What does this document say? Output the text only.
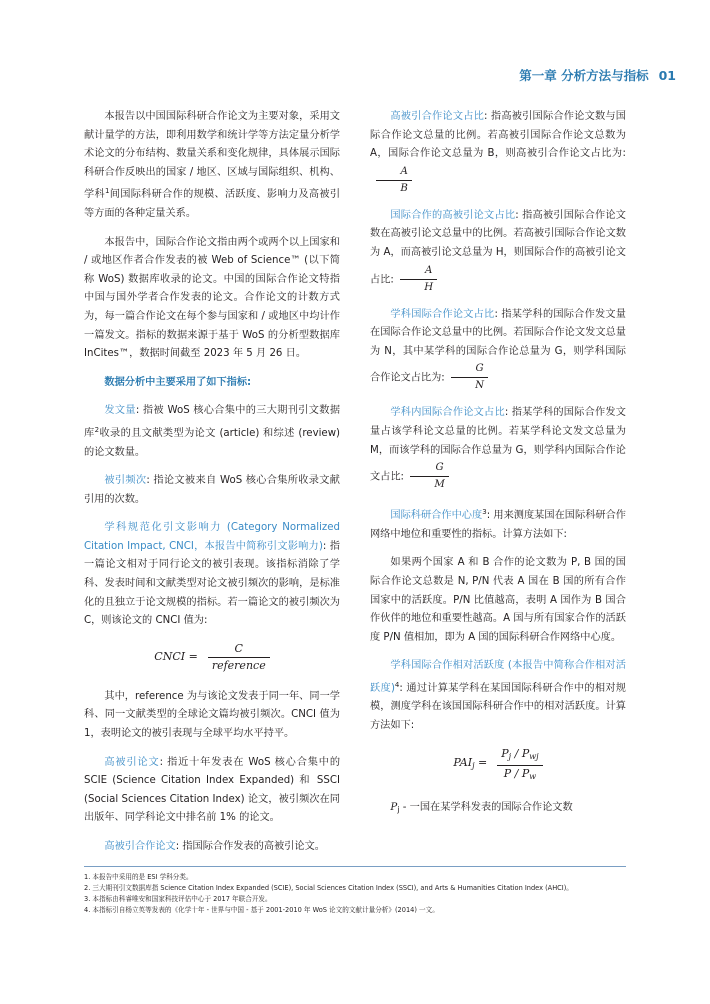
第一章 分析方法与指标 01

本报告以中国国际科研合作论文为主要对象，采用文献计量学的方法，即利用数学和统计学等方法定量分析学术论文的分布结构、数量关系和变化规律，具体展示国际科研合作反映出的国家 / 地区、区域与国际组织、机构、学科$^1$间国际科研合作的规模、活跃度、影响力及高被引等方面的各种定量关系。

本报告中，国际合作论文指由两个或两个以上国家和 / 或地区作者合作发表的被 Web of Science™ (以下简称 WoS) 数据库收录的论文。中国的国际合作论文特指中国与国外学者合作发表的论文。合作论文的计数方式为，每一篇合作论文在每个参与国家和 / 或地区中均计作一篇发文。指标的数据来源于基于 WoS 的分析型数据库 InCites™，数据时间截至 2023 年 5 月 26 日。

数据分析中主要采用了如下指标:

发文量: 指被 WoS 核心合集中的三大期刊引文数据库$^2$收录的且文献类型为论文 (article) 和综述 (review) 的论文数量。

被引频次: 指论文被来自 WoS 核心合集所收录文献引用的次数。

学科规范化引文影响力 (Category Normalized Citation Impact, CNCI，本报告中简称引文影响力): 指一篇论文相对于同行论文的被引表现。该指标消除了学科、发表时间和文献类型对论文被引频次的影响，是标准化的且独立于论文规模的指标。若一篇论文的被引频次为 C，则该论文的 CNCI 值为:

CNCI = $\frac{C}{\text{reference}}$

其中，reference 为与该论文发表于同一年、同一学科、同一文献类型的全球论文篇均被引频次。CNCI 值为 1，表明论文的被引表现与全球平均水平持平。

高被引论文: 指近十年发表在 WoS 核心合集中的 SCIE (Science Citation Index Expanded) 和 SSCI (Social Sciences Citation Index) 论文，被引频次在同出版年、同学科论文中排名前 1% 的论文。

高被引合作论文: 指国际合作发表的高被引论文。

高被引合作论文占比: 指高被引国际合作论文数与国际合作论文总量的比例。若高被引国际合作论文总数为 A，国际合作论文总量为 B，则高被引合作论文占比为:
$\frac{A}{B}$

国际合作的高被引论文占比: 指高被引国际合作论文数在高被引论文总量中的比例。若高被引国际合作论文数为 A，而高被引论文总量为 H，则国际合作的高被引论文占比: $\frac{A}{H}$

学科国际合作论文占比: 指某学科的国际合作发文量在国际合作论文总量中的比例。若国际合作论文发文总量为 N，其中某学科的国际合作论总量为 G，则学科国际合作论文占比为: $\frac{G}{N}$

学科内国际合作论文占比: 指某学科的国际合作发文量占该学科论文总量的比例。若某学科论文发文总量为 M，而该学科的国际合作总量为 G，则学科内国际合作论文占比: $\frac{G}{M}$

国际科研合作中心度$^3$: 用来测度某国在国际科研合作网络中地位和重要性的指标。计算方法如下:

如果两个国家 A 和 B 合作的论文数为 P, B 国的国际合作论文总数是 N, P/N 代表 A 国在 B 国的所有合作国家中的活跃度。P/N 比值越高，表明 A 国作为 B 国合作伙伴的地位和重要性越高。A 国与所有国家合作的活跃度 P/N 值相加，即为 A 国的国际科研合作网络中心度。

学科国际合作相对活跃度 (本报告中简称合作相对活跃度)$^4$: 通过计算某学科在某国国际科研合作中的相对规模，测度学科在该国国际科研合作中的相对活跃度。计算方法如下:

$PAI_j = \frac{P_j / P_{wj}}{P / P_w}$

$P_j$ - 一国在某学科发表的国际合作论文数

1. 本报告中采用的是 ESI 学科分类。
2. 三大期刊引文数据库指 Science Citation Index Expanded (SCIE), Social Sciences Citation Index (SSCI), and Arts & Humanities Citation Index (AHCI)。
3. 本指标由科睿唯安和国家科技评估中心于 2017 年联合开发。
4. 本指标引自杨立英等发表的《化学十年 - 世界与中国 - 基于 2001-2010 年 WoS 论文的文献计量分析》(2014) 一文。
